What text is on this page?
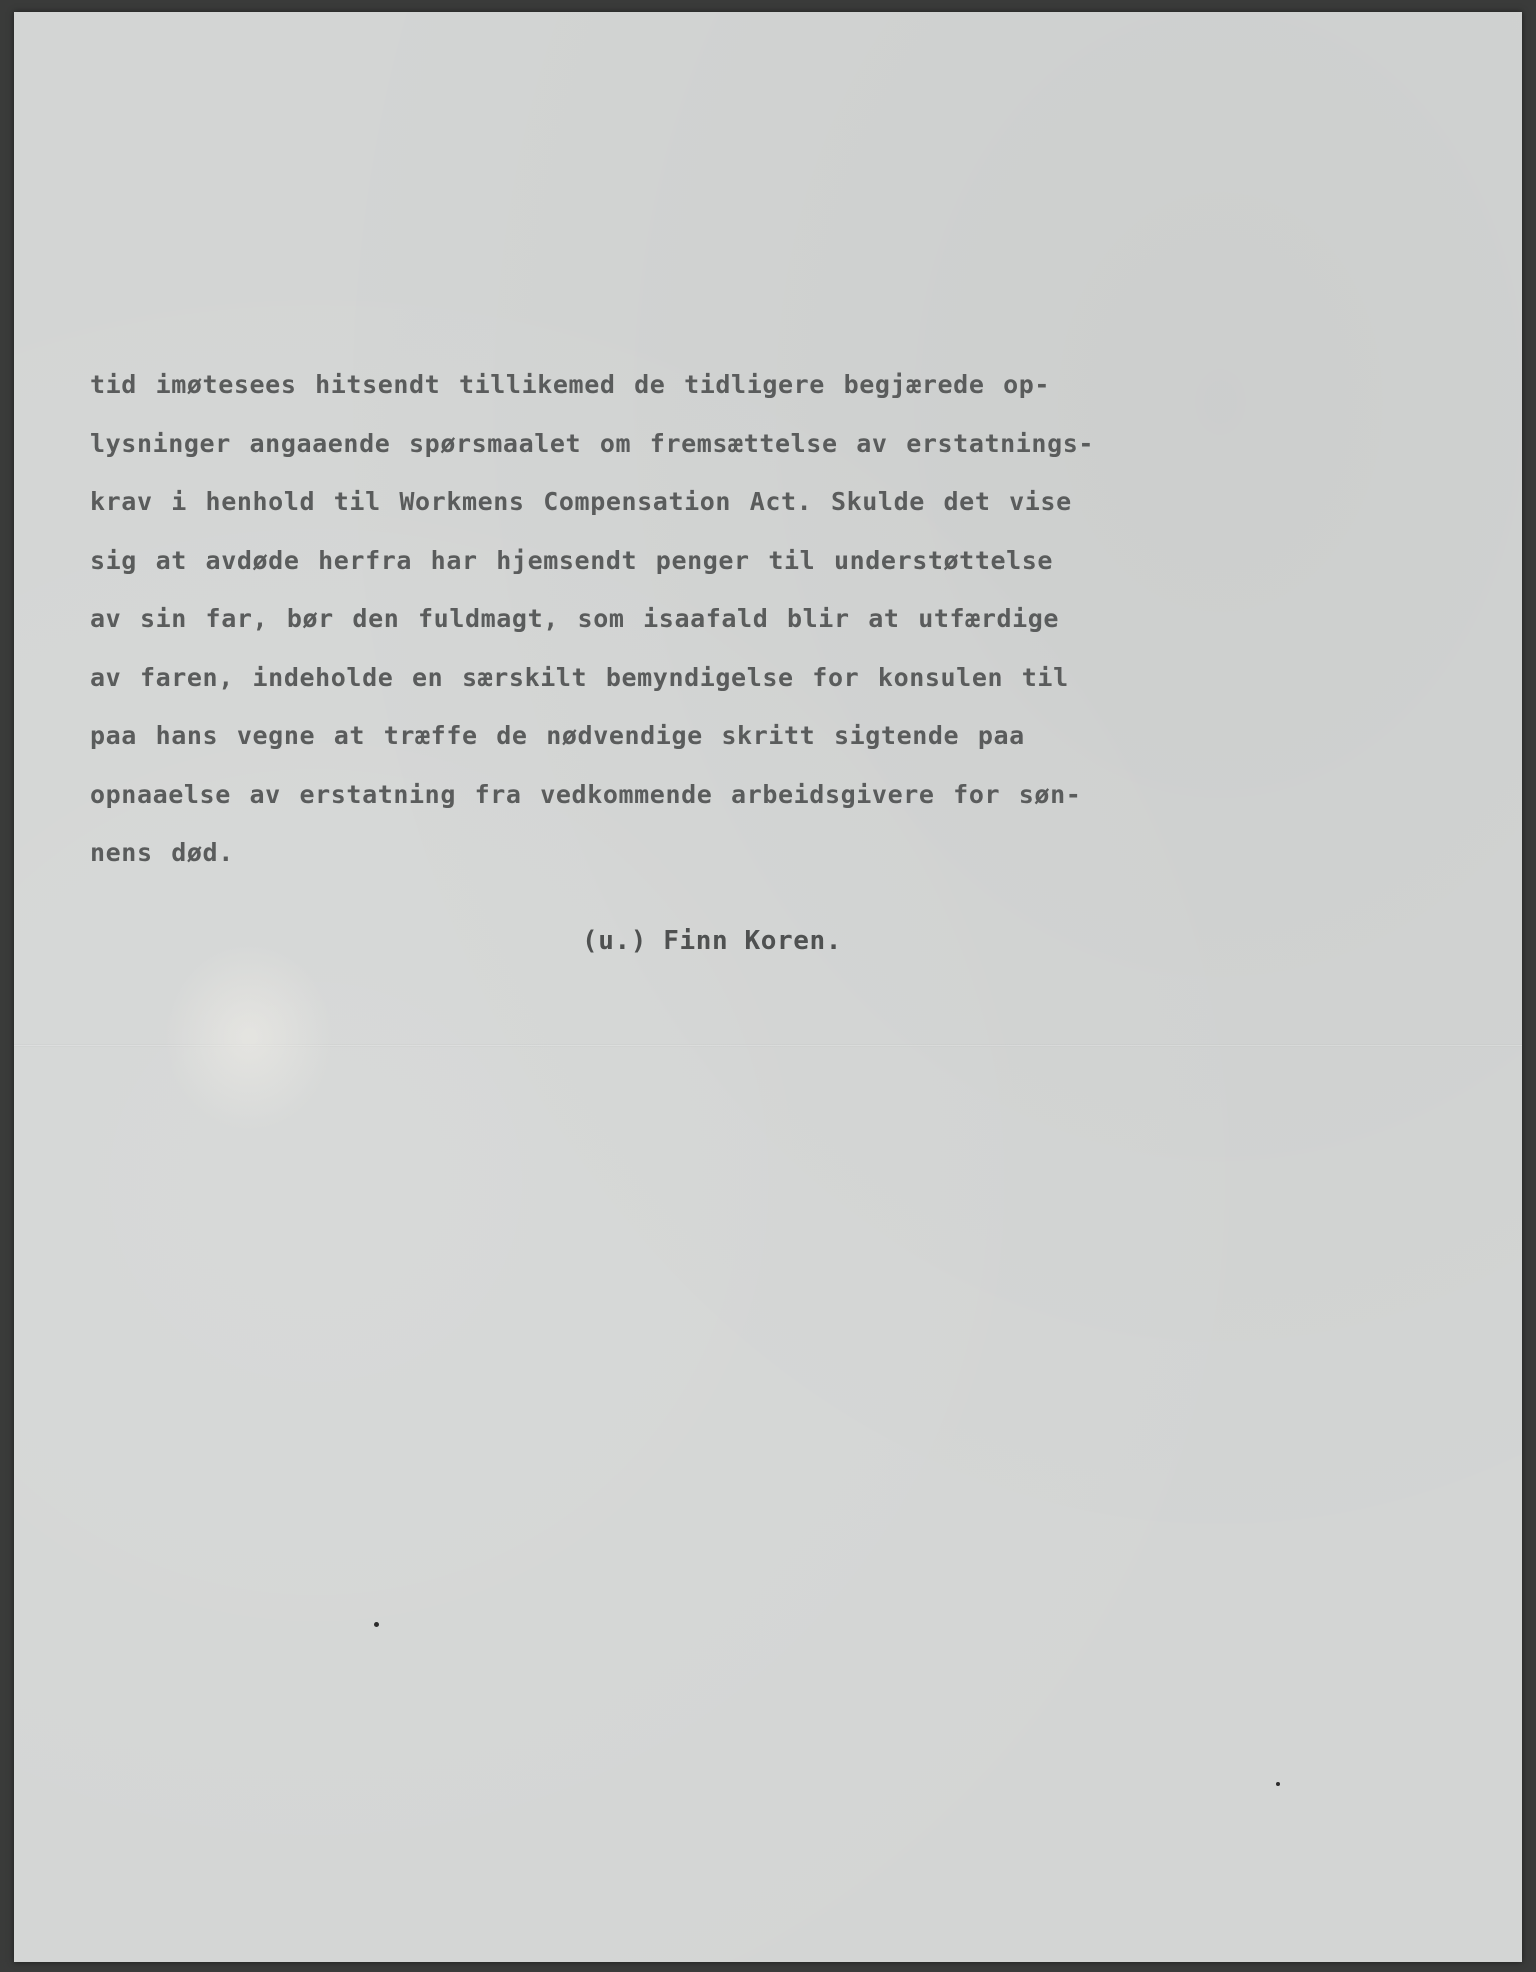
tid imøtesees hitsendt tillikemed de tidligere begjærede op-
lysninger angaaende spørsmaalet om fremsættelse av erstatnings-
krav i henhold til Workmens Compensation Act. Skulde det vise
sig at avdøde herfra har hjemsendt penger til understøttelse
av sin far, bør den fuldmagt, som isaafald blir at utfærdige
av faren, indeholde en særskilt bemyndigelse for konsulen til
paa hans vegne at træffe de nødvendige skritt sigtende paa
opnaaelse av erstatning fra vedkommende arbeidsgivere for søn-
nens død.
(u.) Finn Koren.
